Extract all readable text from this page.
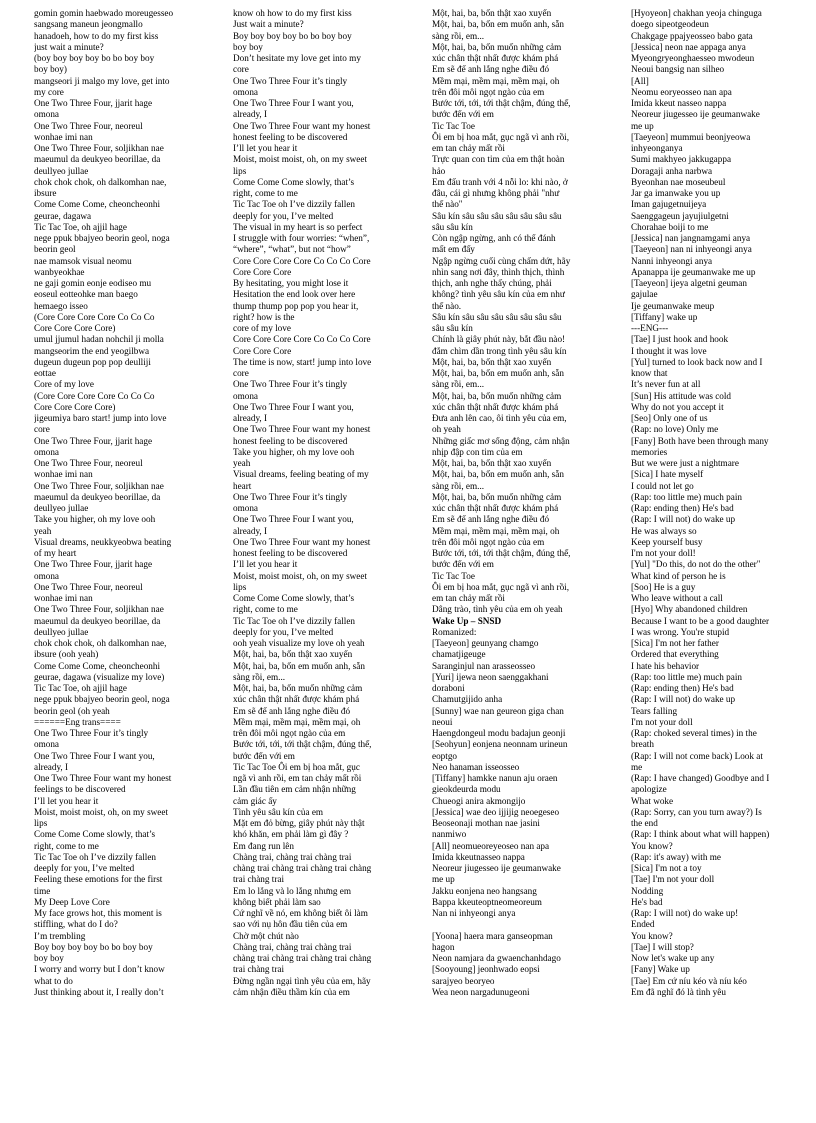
gomin gomin haebwado moreugesseo

sangsang maneun jeongmallo

hanadoeh, how to do my first kiss

just wait a minute?

(boy boy boy boy bo bo boy boy

boy boy)

mangseori ji malgo my love, get into

my core

One Two Three Four, jjarit hage

omona

One Two Three Four, neoreul

wonhae imi nan

One Two Three Four, soljikhan nae

maeumul da deukyeo beorillae, da

deullyeo jullae

chok chok chok, oh dalkomhan nae,

ibsure

Come Come Come, cheoncheonhi

geurae, dagawa

Tic Tac Toe, oh ajjil hage

nege ppuk bbajyeo beorin geol, noga

beorin geol

nae mamsok visual neomu

wanbyeokhae

ne gaji gomin eonje eodiseo mu

eoseul eotteohke man baego

hemaego isseo

(Core Core Core Core Co Co Co

Core Core Core Core)

umul jjumul hadan nohchil ji molla

mangseorim the end yeogilbwa

dugeun dugeun pop pop deulliji

eottae

Core of my love

(Core Core Core Core Co Co Co

Core Core Core Core)

jigeumiya baro start! jump into love

core

One Two Three Four, jjarit hage

omona

One Two Three Four, neoreul

wonhae imi nan

One Two Three Four, soljikhan nae

maeumul da deukyeo beorillae, da

deullyeo jullae

Take you higher, oh my love ooh

yeah

Visual dreams, neukkyeobwa beating

of my heart

One Two Three Four, jjarit hage

omona

One Two Three Four, neoreul

wonhae imi nan

One Two Three Four, soljikhan nae

maeumul da deukyeo beorillae, da

deullyeo jullae

chok chok chok, oh dalkomhan nae,

ibsure (ooh yeah)

Come Come Come, cheoncheonhi

geurae, dagawa (visualize my love)

Tic Tac Toe, oh ajjil hage

nege ppuk bbajyeo beorin geol, noga

beorin geol (oh yeah

======Eng trans====

One Two Three Four it’s tingly

omona

One Two Three Four I want you,

already, I

One Two Three Four want my honest

feelings to be discovered

I’ll let you hear it

Moist, moist moist, oh, on my sweet

lips

Come Come Come slowly, that’s

right, come to me

Tic Tac Toe oh I’ve dizzily fallen

deeply for you, I’ve melted

Feeling these emotions for the first

time

My Deep Love Core

My face grows hot, this moment is

stiffling, what do I do?

I’m trembling

Boy boy boy boy bo bo boy boy

boy boy

I worry and worry but I don’t know

what to do

Just thinking about it, I really don’t

know oh how to do my first kiss

Just wait a minute?

Boy boy boy boy bo bo boy boy

boy boy

Don’t hesitate my love get into my

core

One Two Three Four it’s tingly

omona

One Two Three Four I want you,

already, I

One Two Three Four want my honest

honest feeling to be discovered

I’ll let you hear it

Moist, moist moist, oh, on my sweet

lips

Come Come Come slowly, that’s

right, come to me

Tic Tac Toe oh I’ve dizzily fallen

deeply for you, I’ve melted

The visual in my heart is so perfect

I struggle with four worries: “when”,

“where”, “what”, but not “how”

Core Core Core Core Co Co Co Core

Core Core Core

By hesitating, you might lose it

Hesitation the end look over here

thump thump pop pop you hear it,

right? how is the

core of my love

Core Core Core Core Co Co Co Core

Core Core Core

The time is now, start! jump into love

core

One Two Three Four it’s tingly

omona

One Two Three Four I want you,

already, I

One Two Three Four want my honest

honest feeling to be discovered

Take you higher, oh my love ooh

yeah

Visual dreams, feeling beating of my

heart

One Two Three Four it’s tingly

omona

One Two Three Four I want you,

already, I

One Two Three Four want my honest

honest feeling to be discovered

I’ll let you hear it

Moist, moist moist, oh, on my sweet

lips

Come Come Come slowly, that’s

right, come to me

Tic Tac Toe oh I’ve dizzily fallen

deeply for you, I’ve melted

ooh yeah visualize my love oh yeah

Một, hai, ba, bốn thật xao xuyến

Một, hai, ba, bốn em muốn anh, sẵn

sàng rồi, em...

Một, hai, ba, bốn muốn những cảm

xúc chân thật nhất được khám phá

Em sẽ để anh lắng nghe điều đó

Mềm mại, mềm mại, mềm mại, oh

trên đôi môi ngọt ngào của em

Bước tới, tới, tới thật chậm, đúng thế,

bước đến với em

Tic Tac Toe Ôi em bị hoa mắt, gục

ngã vì anh rồi, em tan chảy mất rồi

Lần đầu tiên em cảm nhận những

cảm giác ấy

Tình yêu sâu kín của em

Mặt em đỏ bừng, giây phút này thật

khó khăn, em phải làm gì đây ?

Em đang run lên

Chàng trai, chàng trai chàng trai

chàng trai chàng trai chàng trai chàng

trai chàng trai

Em lo lắng và lo lắng nhưng em

không biết phải làm sao

Cứ nghĩ về nó, em không biết ôi làm

sao với nụ hôn đầu tiên của em

Chờ một chút nào

Chàng trai, chàng trai chàng trai

chàng trai chàng trai chàng trai chàng

trai chàng trai

Đừng ngần ngại tình yêu của em, hãy

cảm nhận điều thầm kín của em

Một, hai, ba, bốn thật xao xuyến

Một, hai, ba, bốn em muốn anh, sẵn

sàng rồi, em...

Một, hai, ba, bốn muốn những cảm

xúc chân thật nhất được khám phá

Em sẽ để anh lắng nghe điều đó

Mềm mại, mềm mại, mềm mại, oh

trên đôi môi ngọt ngào của em

Bước tới, tới, tới thật chậm, đúng thế,

bước đến với em

Tic Tac Toe

Ôi em bị hoa mắt, gục ngã vì anh rồi,

em tan chảy mất rồi

Trực quan con tim của em thật hoàn

hảo

Em đấu tranh với 4 nỗi lo: khi nào, ở

đâu, cái gì nhưng không phải "như

thế nào"

Sâu kín sâu sâu sâu sâu sâu sâu sâu

sâu sâu kín

Còn ngập ngừng, anh có thể đánh

mất em đấy

Ngập ngừng cuối cùng chấm dứt, hãy

nhìn sang nơi đây, thình thịch, thình

thịch, anh nghe thấy chúng, phải

không? tình yêu sâu kín của em như

thế nào.

Sâu kín sâu sâu sâu sâu sâu sâu sâu

sâu sâu kín

Chính là giây phút này, bắt đầu nào!

đắm chìm dần trong tình yêu sâu kín

Một, hai, ba, bốn thật xao xuyến

Một, hai, ba, bốn em muốn anh, sẵn

sàng rồi, em...

Một, hai, ba, bốn muốn những cảm

xúc chân thật nhất được khám phá

Đưa anh lên cao, ôi tình yêu của em,

oh yeah

Những giấc mơ sống động, cảm nhận

nhịp đập con tim của em

Một, hai, ba, bốn thật xao xuyến

Một, hai, ba, bốn em muốn anh, sẵn

sàng rồi, em...

Một, hai, ba, bốn muốn những cảm

xúc chân thật nhất được khám phá

Em sẽ để anh lắng nghe điều đó

Mềm mại, mềm mại, mềm mại, oh

trên đôi môi ngọt ngào của em

Bước tới, tới, tới thật chậm, đúng thế,

bước đến với em

Tic Tac Toe

Ôi em bị hoa mắt, gục ngã vì anh rồi,

em tan chảy mất rồi

Dâng trào, tình yêu của em oh yeah

Wake Up – SNSD

Romanized:

[Taeyeon] geunyang chamgo

chamatjigeuge

Saranginjul nan arasseosseo

[Yuri] ijewa neon saenggakhani

doraboni

Chamutgijido anha

[Sunny] wae nan geureon giga chan

neoui

Haengdongeul modu badajun geonji

[Seohyun] eonjena neonnam urineun

eoptgo

Neo hanaman isseosseo

[Tiffany] hamkke nanun aju oraen

gieokdeurda modu

Chueogi anira akmongijo

[Jessica] wae deo ijjijig neoegeseo

Beoseonaji mothan nae jasini

nanmiwo

[All] neomueoreyeoseo nan apa

Imida kkeutnasseo nappa

Neoreur jiugesseo ije geumanwake

me up

Jakku eonjena neo hangsang

Bappa kkeuteoptneomeoreum

Nan ni inhyeongi anya

[Yoona] haera mara ganseopman

hagon

Neon namjara da gwaenchanhdago

[Sooyoung] jeonhwado eopsi

sarajyeo beoryeo

Wea neon nargadunugeoni

[Hyoyeon] chakhan yeoja chinguga

doego sipeotgeodeun

Chakgage ppajyeosseo babo gata

[Jessica] neon nae appaga anya

Myeongryeonghaesseo mwodeun

Neoui bangsig nan silheo

[All]

Neomu eoryeosseo nan apa

Imida kkeut nasseo nappa

Neoreur jiugesseo ije geumanwake

me up

[Taeyeon] mummui beonjyeowa

inhyeonganya

Sumi makhyeo jakkugappa

Doragaji anha narbwa

Byeonhan nae moseubeul

Jar ga imanwake you up

Iman gajugetnuijeya

Saenggageun jayujiulgetni

Chorahae boiji to me

[Jessica] nan jangnamgami anya

[Taeyeon] nan ni inhyeongi anya

Nanni inhyeongi anya

Apanappa ije geumanwake me up

[Taeyeon] ijeya algetni geuman

gajulae

Ije geumanwake meup

[Tiffany] wake up

---ENG---

[Tae] I just hook and hook

I thought it was love

[Yul] turned to look back now and I

know that

It’s never fun at all

[Sun] His attitude was cold

Why do not you accept it

[Seo] Only one of us

(Rap: no love) Only me

[Fany] Both have been through many

memories

But we were just a nightmare

[Sica] I hate myself

I could not let go

(Rap: too little me) much pain

(Rap: ending then) He's bad

(Rap: I will not) do wake up

He was always so

Keep yourself busy

I'm not your doll!

[Yul] "Do this, do not do the other"

What kind of person he is

[Soo] He is a guy

Who leave without a call

[Hyo] Why abandoned children

Because I want to be a good daughter

I was wrong. You're stupid

[Sica] I'm not her father

Ordered that everything

I hate his behavior

(Rap: too little me) much pain

(Rap: ending then) He's bad

(Rap: I will not) do wake up

Tears falling

I'm not your doll

(Rap: choked several times) in the

breath

(Rap: I will not come back) Look at

me

(Rap: I have changed) Goodbye and I

apologize

What woke

(Rap: Sorry, can you turn away?) Is

the end

(Rap: I think about what will happen)

You know?

(Rap: it's away) with me

[Sica] I'm not a toy

[Tae] I'm not your doll

Nodding

He's bad

(Rap: I will not) do wake up!

Ended

You know?

[Tae] I will stop?

Now let's wake up any

[Fany] Wake up

[Tae] Em cứ níu kéo và níu kéo

Em đã nghĩ đó là tình yêu
